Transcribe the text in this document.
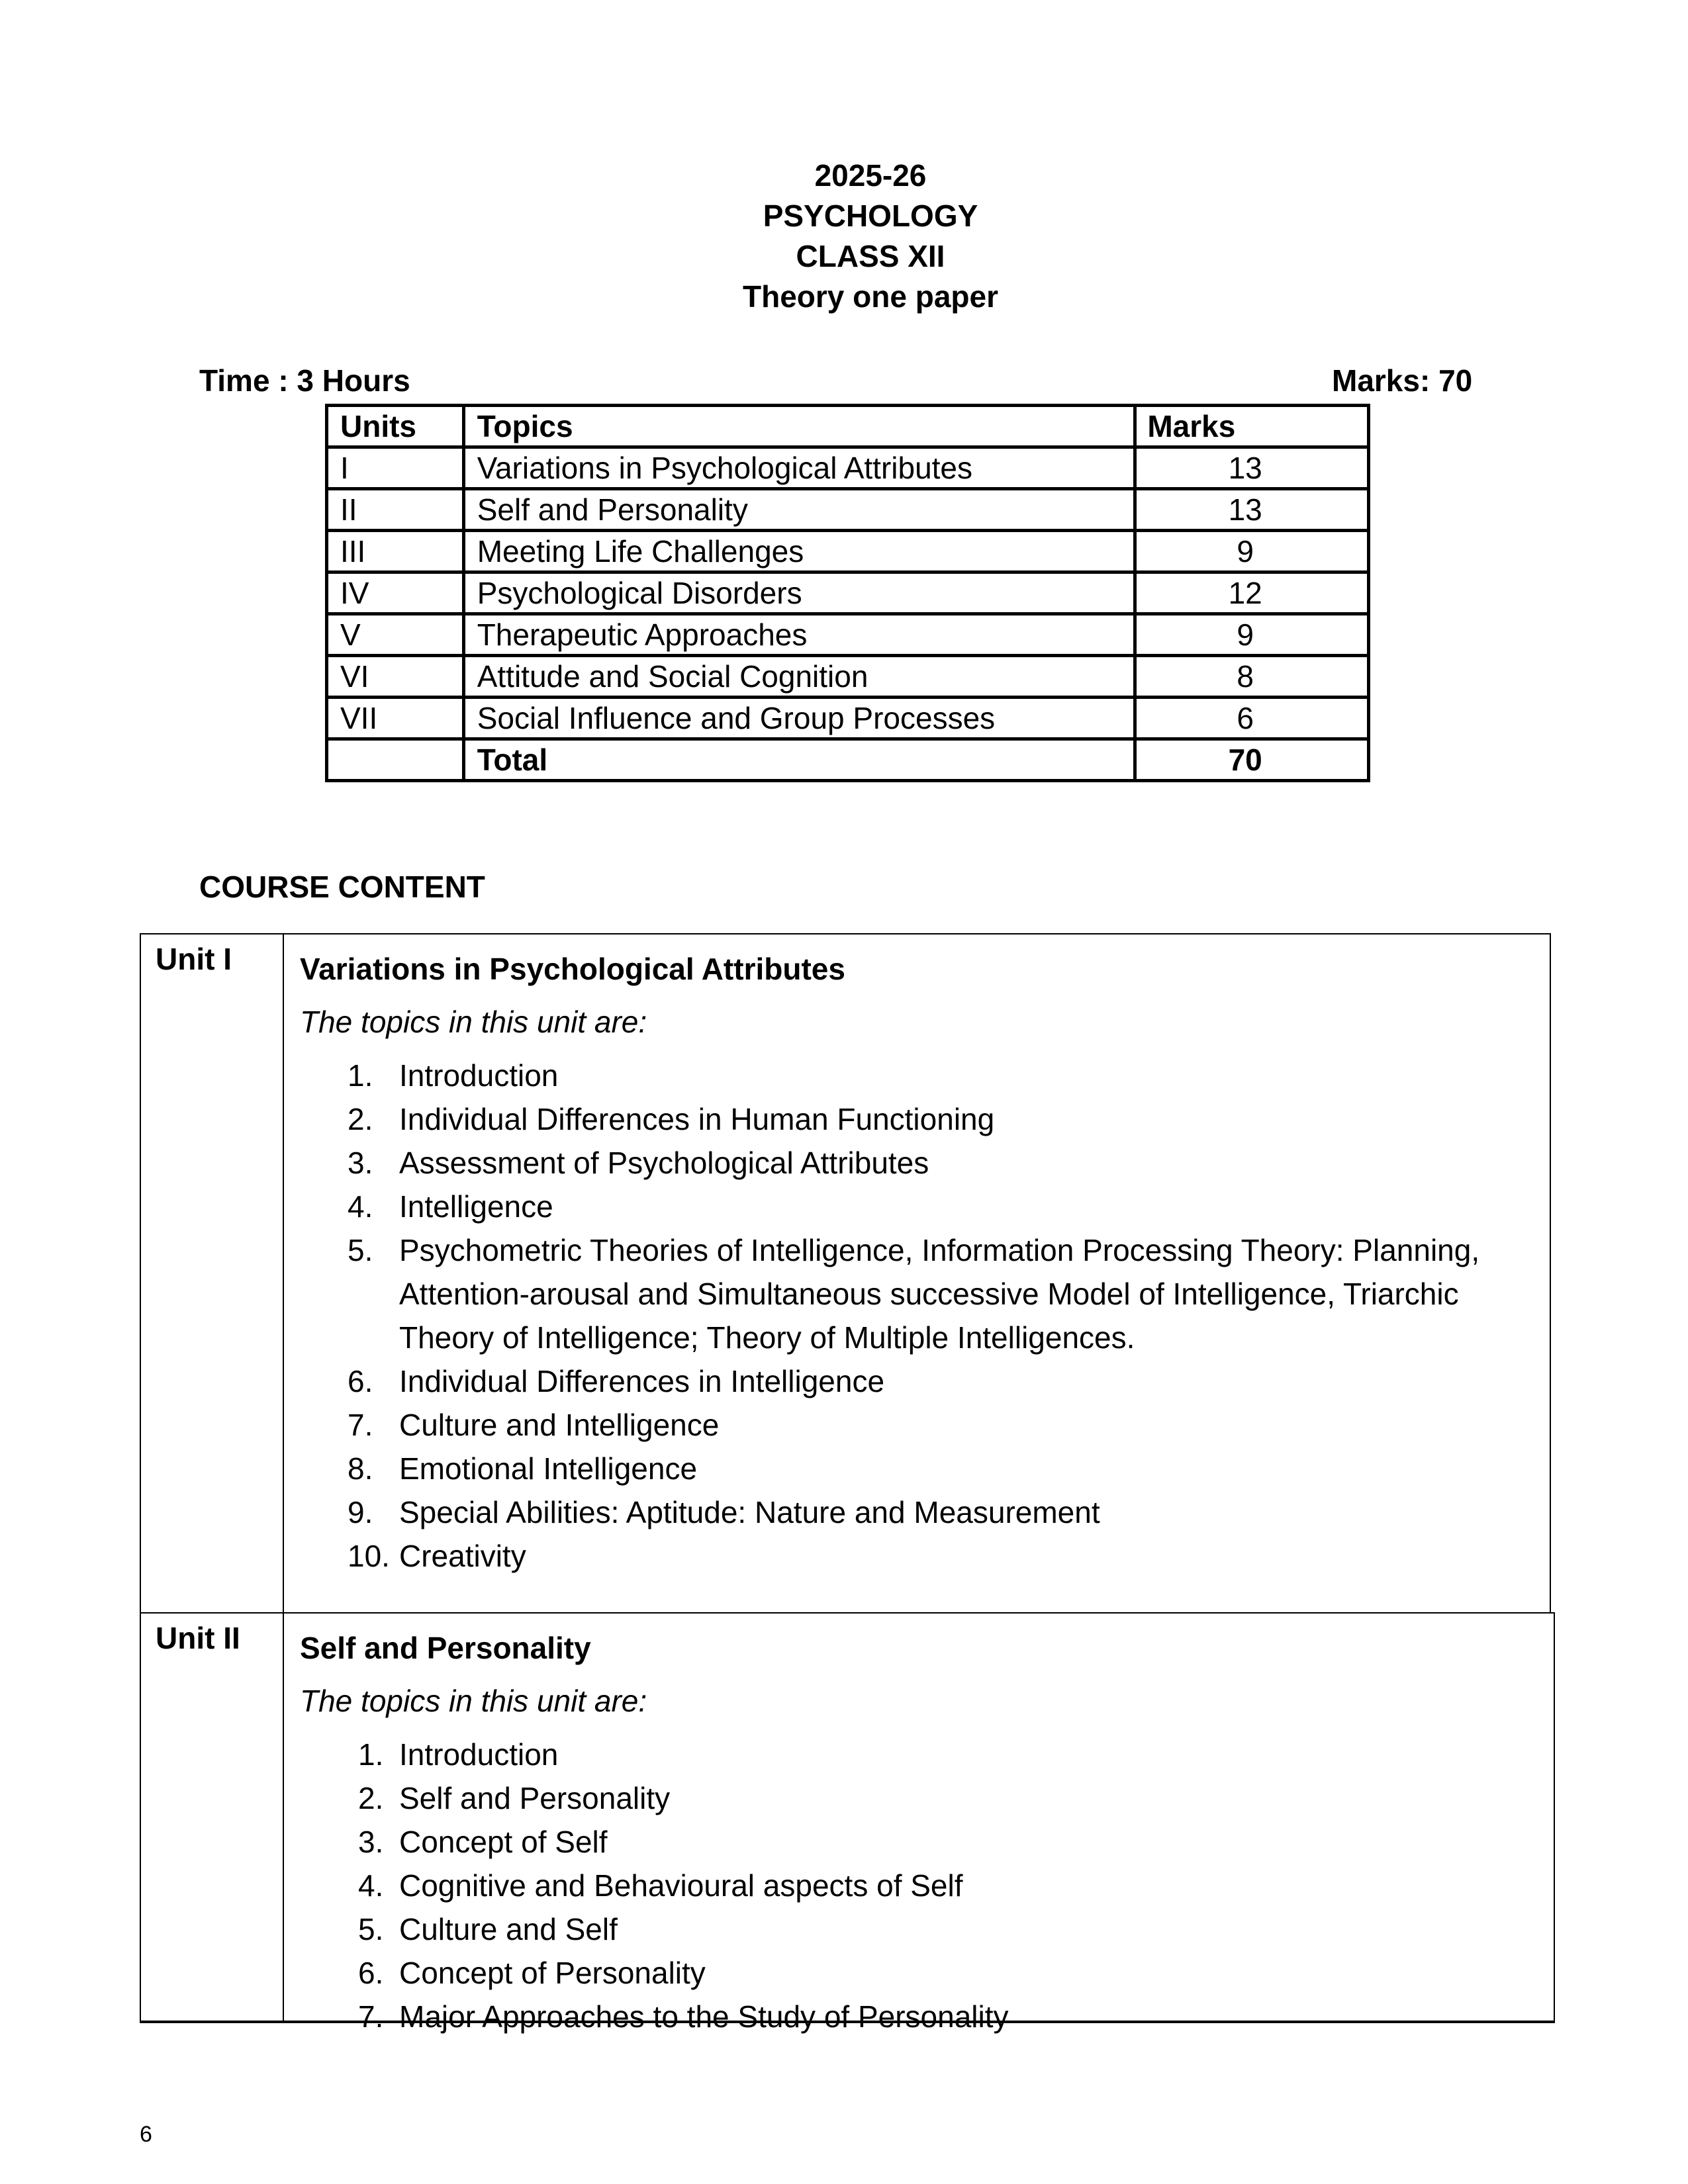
2025-26
PSYCHOLOGY
CLASS XII
Theory one paper
Time : 3 Hours	Marks: 70
Units	Topics	Marks
I	Variations in Psychological Attributes	13
II	Self and Personality	13
III	Meeting Life Challenges	9
IV	Psychological Disorders	12
V	Therapeutic Approaches	9
VI	Attitude and Social Cognition	8
VII	Social Influence and Group Processes	6
	Total	70
COURSE CONTENT
Unit I	Variations in Psychological Attributes
The topics in this unit are:
1. Introduction
2. Individual Differences in Human Functioning
3. Assessment of Psychological Attributes
4. Intelligence
5. Psychometric Theories of Intelligence, Information Processing Theory: Planning, Attention-arousal and Simultaneous successive Model of Intelligence, Triarchic Theory of Intelligence; Theory of Multiple Intelligences.
6. Individual Differences in Intelligence
7. Culture and Intelligence
8. Emotional Intelligence
9. Special Abilities: Aptitude: Nature and Measurement
10. Creativity
Unit II	Self and Personality
The topics in this unit are:
1. Introduction
2. Self and Personality
3. Concept of Self
4. Cognitive and Behavioural aspects of Self
5. Culture and Self
6. Concept of Personality
7. Major Approaches to the Study of Personality
6
